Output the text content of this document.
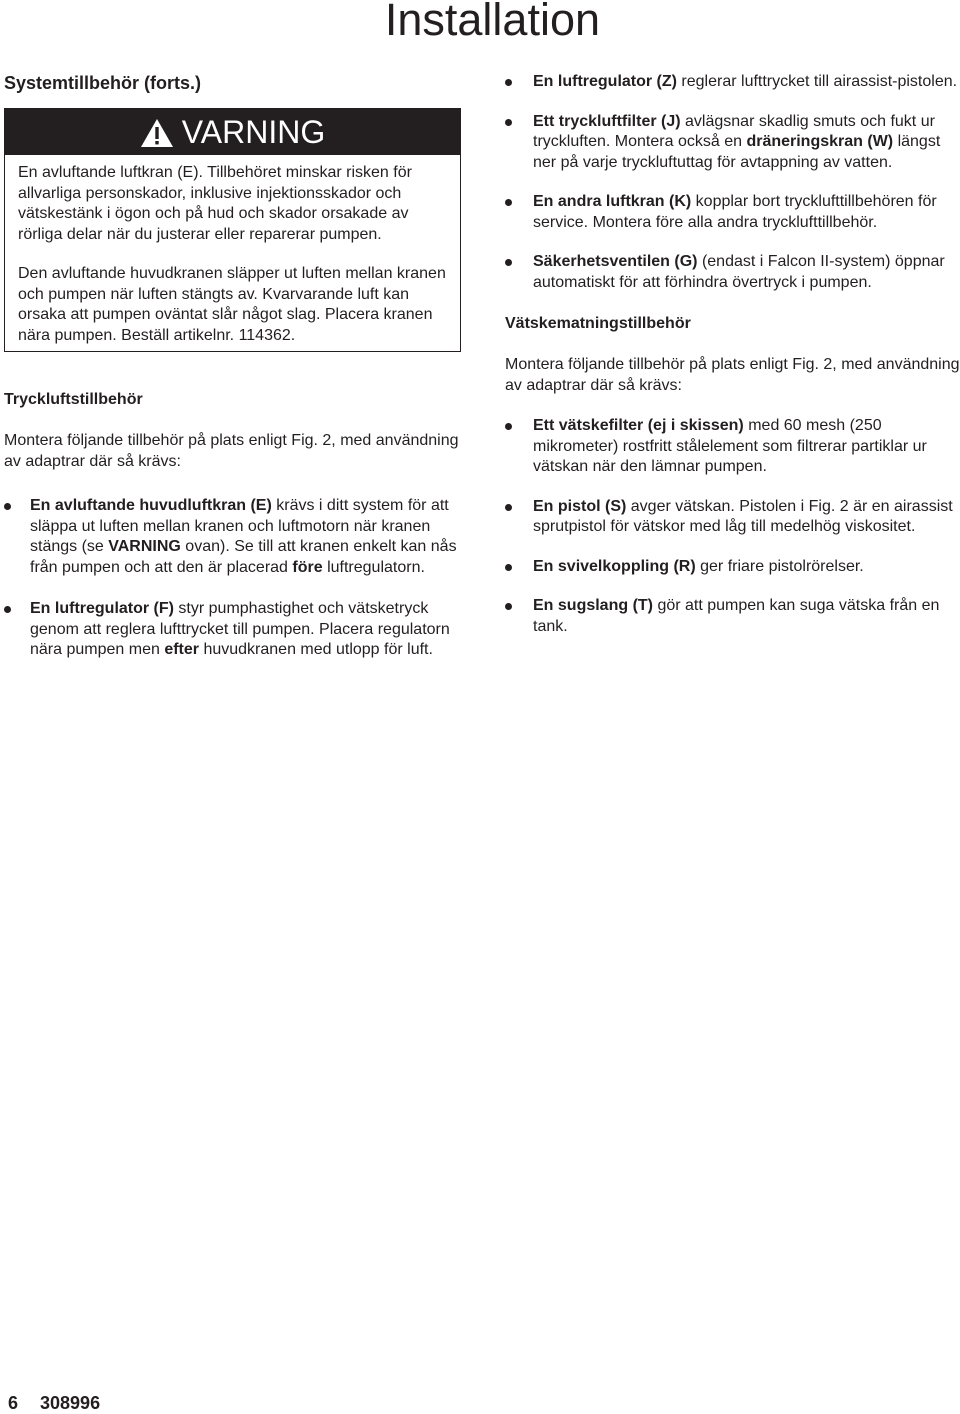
Installation
Systemtillbehör (forts.)
VARNING

En avluftande luftkran (E). Tillbehöret minskar risken för allvarliga personskador, inklusive injektionsskador och vätskestänk i ögon och på hud och skador orsakade av rörliga delar när du justerar eller reparerar pumpen.

Den avluftande huvudkranen släpper ut luften mellan kranen och pumpen när luften stängts av. Kvarvarande luft kan orsaka att pumpen oväntat slår något slag. Placera kranen nära pumpen. Beställ artikelnr. 114362.

Tryckluftstillbehör

Montera följande tillbehör på plats enligt Fig. 2, med användning av adaptrar där så krävs:

En avluftande huvudluftkran (E) krävs i ditt system för att släppa ut luften mellan kranen och luftmotorn när kranen stängs (se VARNING ovan). Se till att kranen enkelt kan nås från pumpen och att den är placerad före luftregulatorn.
En luftregulator (F) styr pumphastighet och vätsketryck genom att reglera lufttrycket till pumpen. Placera regulatorn nära pumpen men efter huvudkranen med utlopp för luft.
En luftregulator (Z) reglerar lufttrycket till airassist-pistolen.
Ett tryckluftfilter (J) avlägsnar skadlig smuts och fukt ur tryckluften. Montera också en dräneringskran (W) längst ner på varje tryckluftuttag för avtappning av vatten.
En andra luftkran (K) kopplar bort trycklufttillbehören för service. Montera före alla andra trycklufttillbehör.
Säkerhetsventilen (G) (endast i Falcon II-system) öppnar automatiskt för att förhindra övertryck i pumpen.
Vätskematningstillbehör

Montera följande tillbehör på plats enligt Fig. 2, med användning av adaptrar där så krävs:

Ett vätskefilter (ej i skissen) med 60 mesh (250 mikrometer) rostfritt stålelement som filtrerar partiklar ur vätskan när den lämnar pumpen.
En pistol (S) avger vätskan. Pistolen i Fig. 2 är en airassist sprutpistol för vätskor med låg till medelhög viskositet.
En svivelkoppling (R) ger friare pistolrörelser.
En sugslang (T) gör att pumpen kan suga vätska från en tank.
6 308996
